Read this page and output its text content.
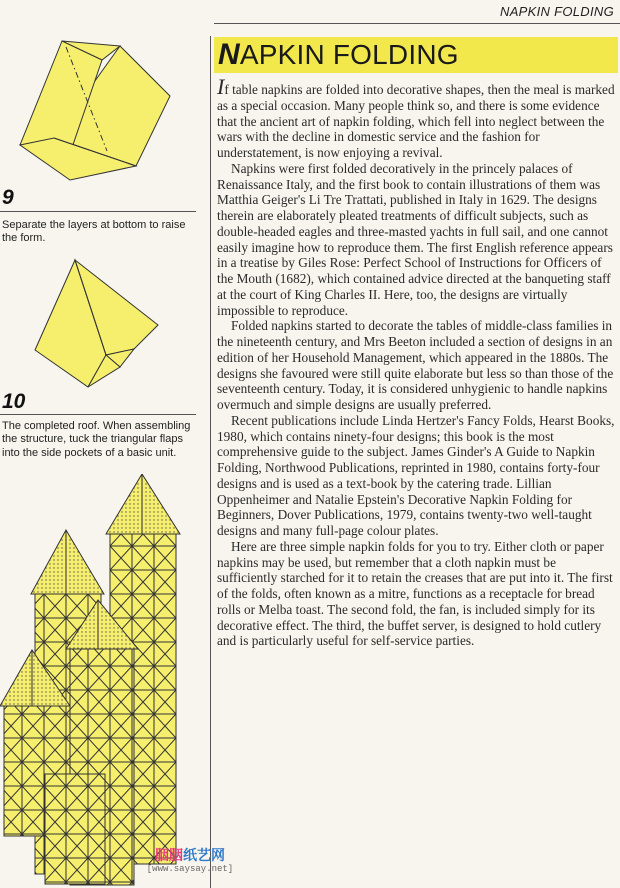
NAPKIN FOLDING
9
Separate the layers at bottom to raise the form.
10
The completed roof. When assembling the structure, tuck the triangular flaps into the side pockets of a basic unit.
NAPKIN FOLDING

If table napkins are folded into decorative shapes, then the meal is marked as a special occasion. Many people think so, and there is some evidence that the ancient art of napkin folding, which fell into neglect between the wars with the decline in domestic service and the fashion for understatement, is now enjoying a revival.

Napkins were first folded decoratively in the princely palaces of Renaissance Italy, and the first book to contain illustrations of them was Matthia Geiger's Li Tre Trattati, published in Italy in 1629. The designs therein are elaborately pleated treatments of difficult subjects, such as double-headed eagles and three-masted yachts in full sail, and one cannot easily imagine how to reproduce them. The first English reference appears in a treatise by Giles Rose: Perfect School of Instructions for Officers of the Mouth (1682), which contained advice directed at the banqueting staff at the court of King Charles II. Here, too, the designs are virtually impossible to reproduce.

Folded napkins started to decorate the tables of middle-class families in the nineteenth century, and Mrs Beeton included a section of designs in an edition of her Household Management, which appeared in the 1880s. The designs she favoured were still quite elaborate but less so than those of the seventeenth century. Today, it is considered unhygienic to handle napkins overmuch and simple designs are usually preferred.

Recent publications include Linda Hertzer's Fancy Folds, Hearst Books, 1980, which contains ninety-four designs; this book is the most comprehensive guide to the subject. James Ginder's A Guide to Napkin Folding, Northwood Publications, reprinted in 1980, contains forty-four designs and is used as a text-book by the catering trade. Lillian Oppenheimer and Natalie Epstein's Decorative Napkin Folding for Beginners, Dover Publications, 1979, contains twenty-two well-taught designs and many full-page colour plates.

Here are three simple napkin folds for you to try. Either cloth or paper napkins may be used, but remember that a cloth napkin must be sufficiently starched for it to retain the creases that are put into it. The first of the folds, often known as a mitre, functions as a receptacle for bread rolls or Melba toast. The second fold, the fan, is included simply for its decorative effect. The third, the buffet server, is designed to hold cutlery and is particularly useful for self-service parties.

胭胭纸艺网
[www.saysay.net]
